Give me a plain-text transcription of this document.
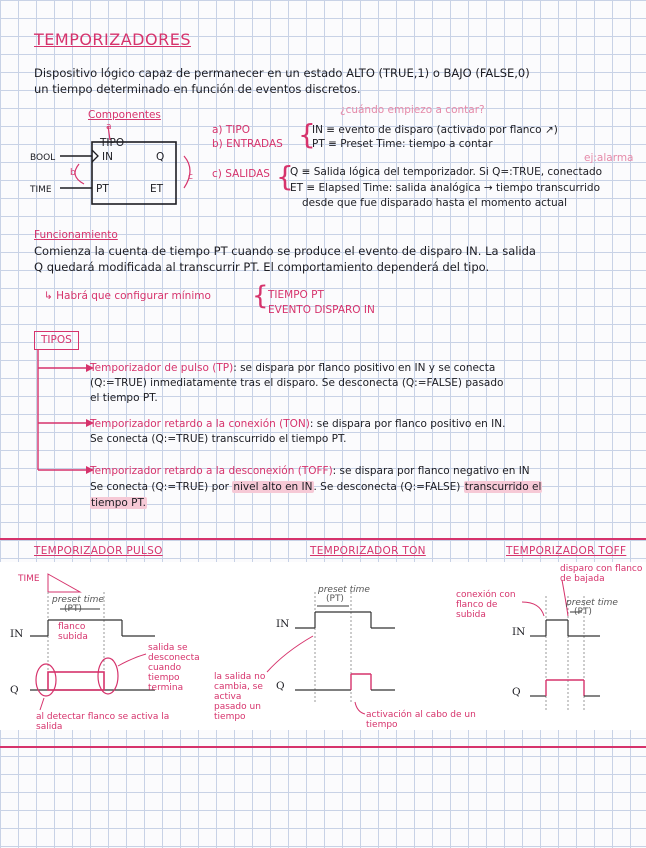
TEMPORIZADORES
Dispositivo lógico capaz de permanecer en un estado ALTO (TRUE,1) o BAJO (FALSE,0)
un tiempo determinado en función de eventos discretos.
Componentes	¿cuándo empiezo a contar?
ej:alarma
a
TIPO
IN	Q
PT	ET
BOOL
TIME
b	c
a) TIPO
b) ENTRADAS
c) SALIDAS
{
{
IN ≡ evento de disparo (activado por flanco ↗)
PT ≡ Preset Time: tiempo a contar
Q ≡ Salida lógica del temporizador. Si Q=:TRUE, conectado
ET ≡ Elapsed Time: salida analógica → tiempo transcurrido
desde que fue disparado hasta el momento actual
Funcionamiento
Comienza la cuenta de tiempo PT cuando se produce el evento de disparo IN. La salida
Q quedará modificada al transcurrir PT. El comportamiento dependerá del tipo.
↳ Habrá que configurar mínimo { TIEMPO PT
EVENTO DISPARO IN
TIPOS
Temporizador de pulso (TP): se dispara por flanco positivo en IN y se conecta
(Q:=TRUE) inmediatamente tras el disparo. Se desconecta (Q:=FALSE) pasado
el tiempo PT.
Temporizador retardo a la conexión (TON): se dispara por flanco positivo en IN.
Se conecta (Q:=TRUE) transcurrido el tiempo PT.
Temporizador retardo a la desconexión (TOFF): se dispara por flanco negativo en IN
Se conecta (Q:=TRUE) por nivel alto en IN. Se desconecta (Q:=FALSE) transcurrido el
tiempo PT.
TEMPORIZADOR PULSO	TEMPORIZADOR TON	TEMPORIZADOR TOFF
TIME
preset time
(PT)
IN
Q
flanco subida
salida se desconecta cuando tiempo termina
al detectar flanco se activa la salida
preset time
(PT)
IN
Q
la salida no cambia, se activa pasado un tiempo	activación al cabo de un tiempo
conexión con flanco de subida
disparo con flanco de bajada
preset time
(PT)
IN
Q
